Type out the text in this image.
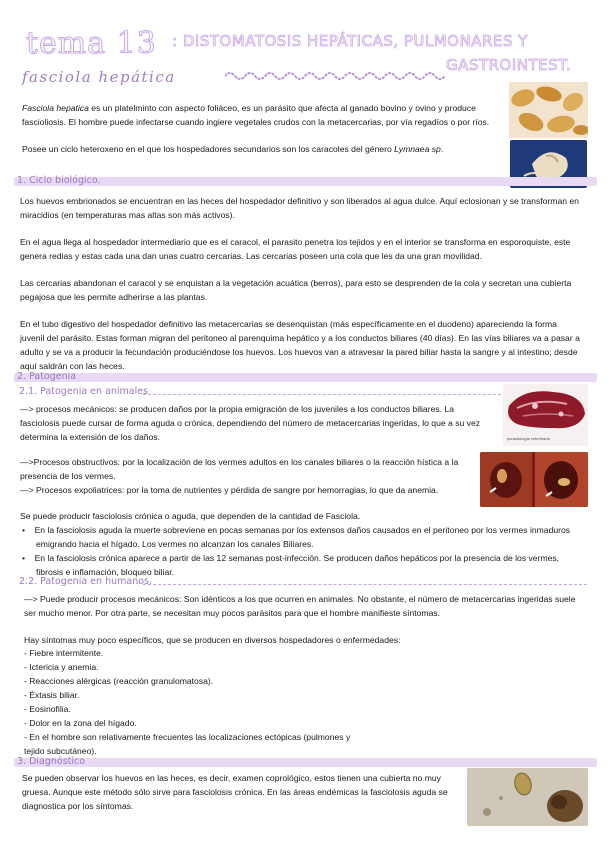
tema 13 : DISTOMATOSIS HEPÁTICAS, PULMONARES Y
GASTROINTEST.
fasciola hepática

Fasciola hepatica es un platelminto con aspecto foliáceo, es un parásito que afecta al ganado bovino y ovino y produce fascioliosis. El hombre puede infectarse cuando ingiere vegetales crudos con la metacercarias, por vía regadíos o por ríos.

Posee un ciclo heteroxeno en el que los hospedadores secundarios son los caracoles del género Lymnaea sp.

1. Ciclo biológico.

Los huevos embrionados se encuentran en las heces del hospedador definitivo y son liberados al agua dulce. Aquí eclosionan y se transforman en miracidios (en temperaturas mas altas son más activos).

En el agua llega al hospedador intermediario que es el caracol, el parasito penetra los tejidos y en el interior se transforma en esporoquiste, este genera redias y estas cada una dan unas cuatro cercarias. Las cercarias poseen una cola que les da una gran movilidad.

Las cercarias abandonan el caracol y se enquistan a la vegetación acuática (berros), para esto se desprenden de la cola y secretan una cubierta pegajosa que les permite adherirse a las plantas.

En el tubo digestivo del hospedador definitivo las metacercarias se desenquistan (más específicamente en el duodeno) apareciendo la forma juvenil del parásito. Estas forman migran del peritoneo al parenquima hepático y a los conductos biliares (40 días). En las vías biliares va a pasar a adulto y se va a producir la fecundación produciéndose los huevos. Los huevos van a atravesar la pared biliar hasta la sangre y al intestino; desde aquí saldrán con las heces.

2. Patogenia
2.1. Patogenia en animales

—> procesos mecánicos: se producen daños por la propia emigración de los juveniles a los conductos biliares. La fasciolosis puede cursar de forma aguda o crónica, dependiendo del número de metacercarias ingeridas, lo que a su vez determina la extensión de los daños.

—>Procesos obstructivos: por la localización de los vermes adultos en los canales biliares o la reacción hística a la presencia de los vermes.

—> Procesos expoliatrices: por la toma de nutrientes y pérdida de sangre por hemorragias, lo que da anemia.

Se puede producir fasciolosis crónica o aguda, que dependen de la cantidad de Fasciola.

•    En la fasciolosis aguda la muerte sobreviene en pocas semanas por los extensos daños causados en el peritoneo por los vermes inmaduros emigrando hacia el hígado. Los vermes no alcanzan los canales Biliares.
•    En la fasciolosis crónica aparece a partir de las 12 semanas post-infección. Se producen daños hepáticos por la presencia de los vermes, fibrosis e inflamación, bloqueo biliar.
parasitología veterinaria
2.2. Patogenia en humanos.

—> Puede producir procesos mecánicos: Son idénticos a los que ocurren en animales. No obstante, el número de metacercarias ingeridas suele ser mucho menor. Por otra parte, se necesitan muy pocos parásitos para que el hombre manifieste síntomas.

Hay síntomas muy poco específicos, que se producen en diversos hospedadores o enfermedades:

- Fiebre intermitente.
- Ictericia y anemia.
- Reacciones alérgicas (reacción granulomatosa).
- Éxtasis biliar.
- Eosinofilia.
- Dolor en la zona del hígado.
- En el hombre son relativamente frecuentes las localizaciones ectópicas (pulmones y
tejido subcutáneo).
3. Diagnóstico

Se pueden observar los huevos en las heces, es decir, examen coprológico, estos tienen una cubierta no muy gruesa. Aunque este método sólo sirve para fasciolosis crónica. En las áreas endémicas la fasciolosis aguda se diagnostica por los síntomas.
